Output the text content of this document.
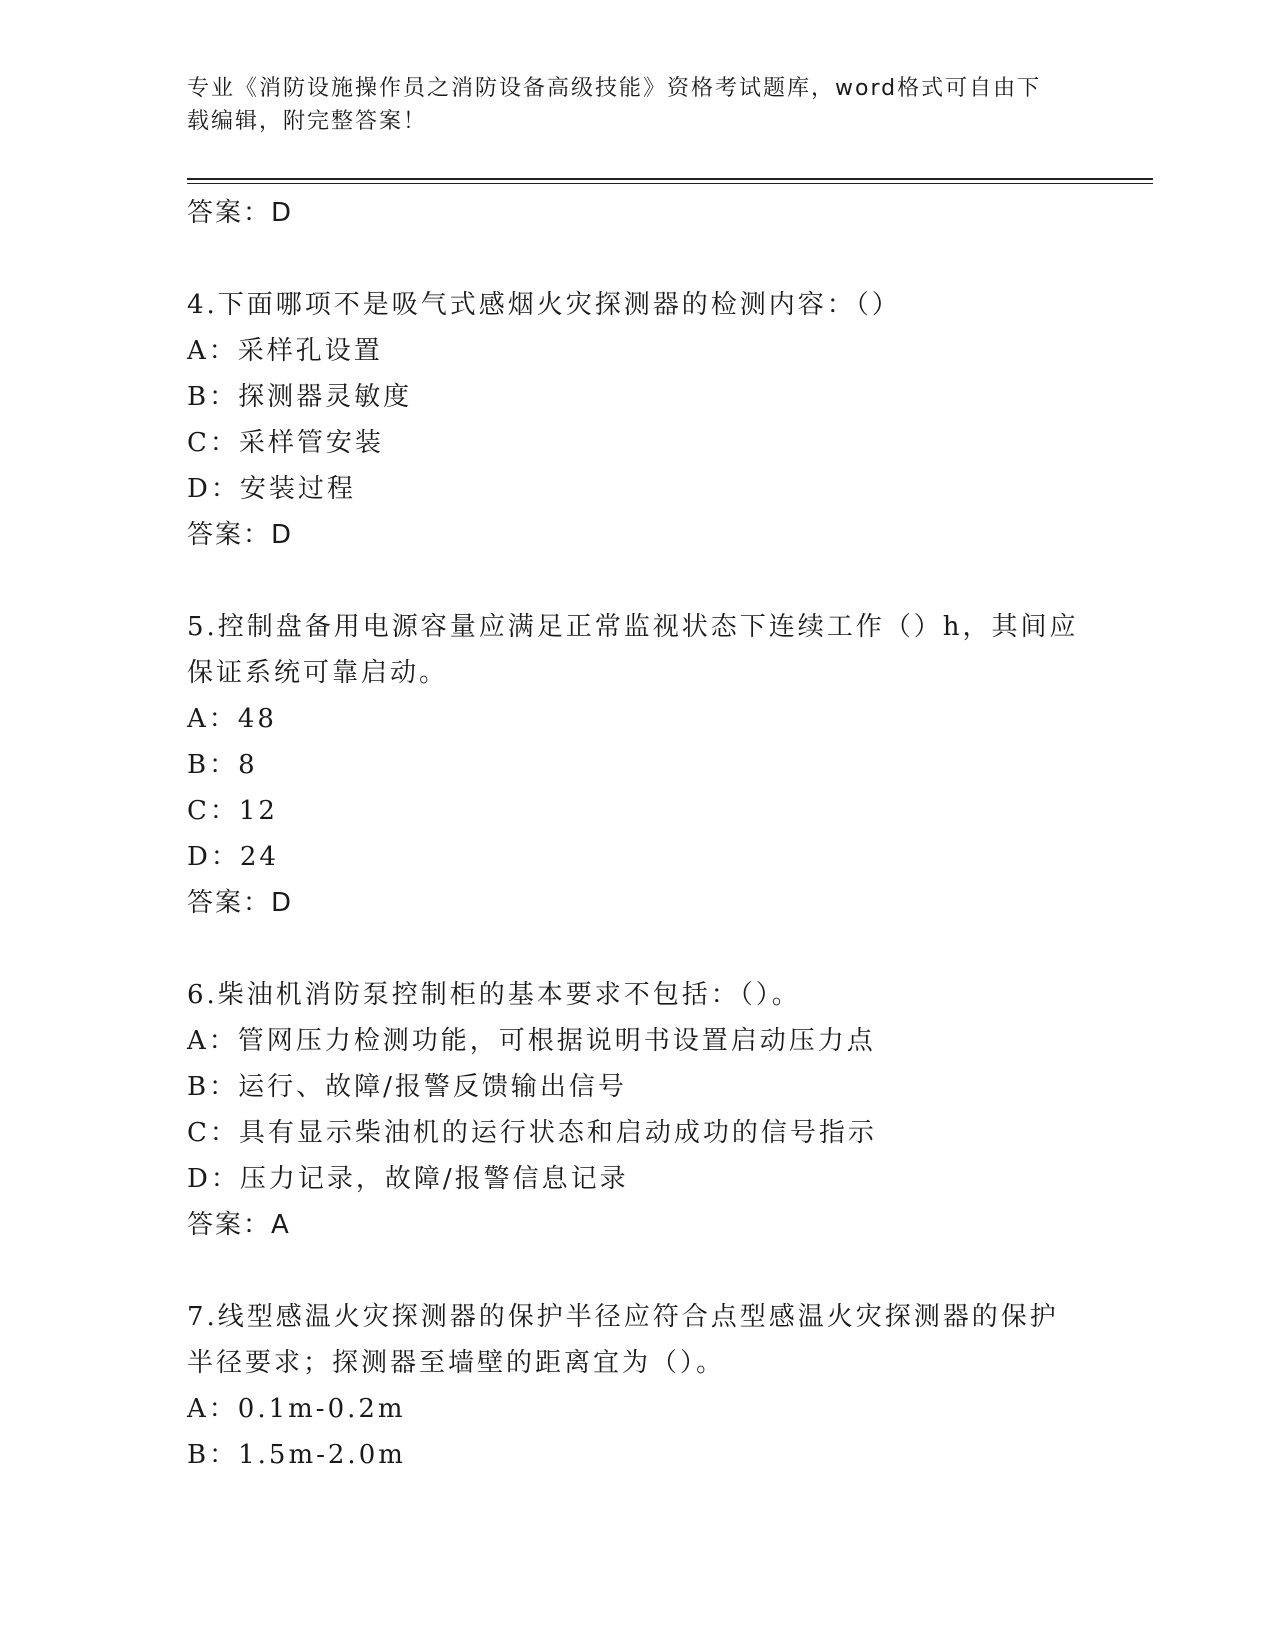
专业《消防设施操作员之消防设备高级技能》资格考试题库，word格式可自由下
载编辑，附完整答案！
答案：D
4.下面哪项不是吸气式感烟火灾探测器的检测内容：（）
A：采样孔设置
B：探测器灵敏度
C：采样管安装
D：安装过程
答案：D
5.控制盘备用电源容量应满足正常监视状态下连续工作（）h，其间应
保证系统可靠启动。
A：48
B：8
C：12
D：24
答案：D
6.柴油机消防泵控制柜的基本要求不包括：（）。
A：管网压力检测功能，可根据说明书设置启动压力点
B：运行、故障/报警反馈输出信号
C：具有显示柴油机的运行状态和启动成功的信号指示
D：压力记录，故障/报警信息记录
答案：A
7.线型感温火灾探测器的保护半径应符合点型感温火灾探测器的保护
半径要求；探测器至墙壁的距离宜为（）。
A：0.1m-0.2m
B：1.5m-2.0m
